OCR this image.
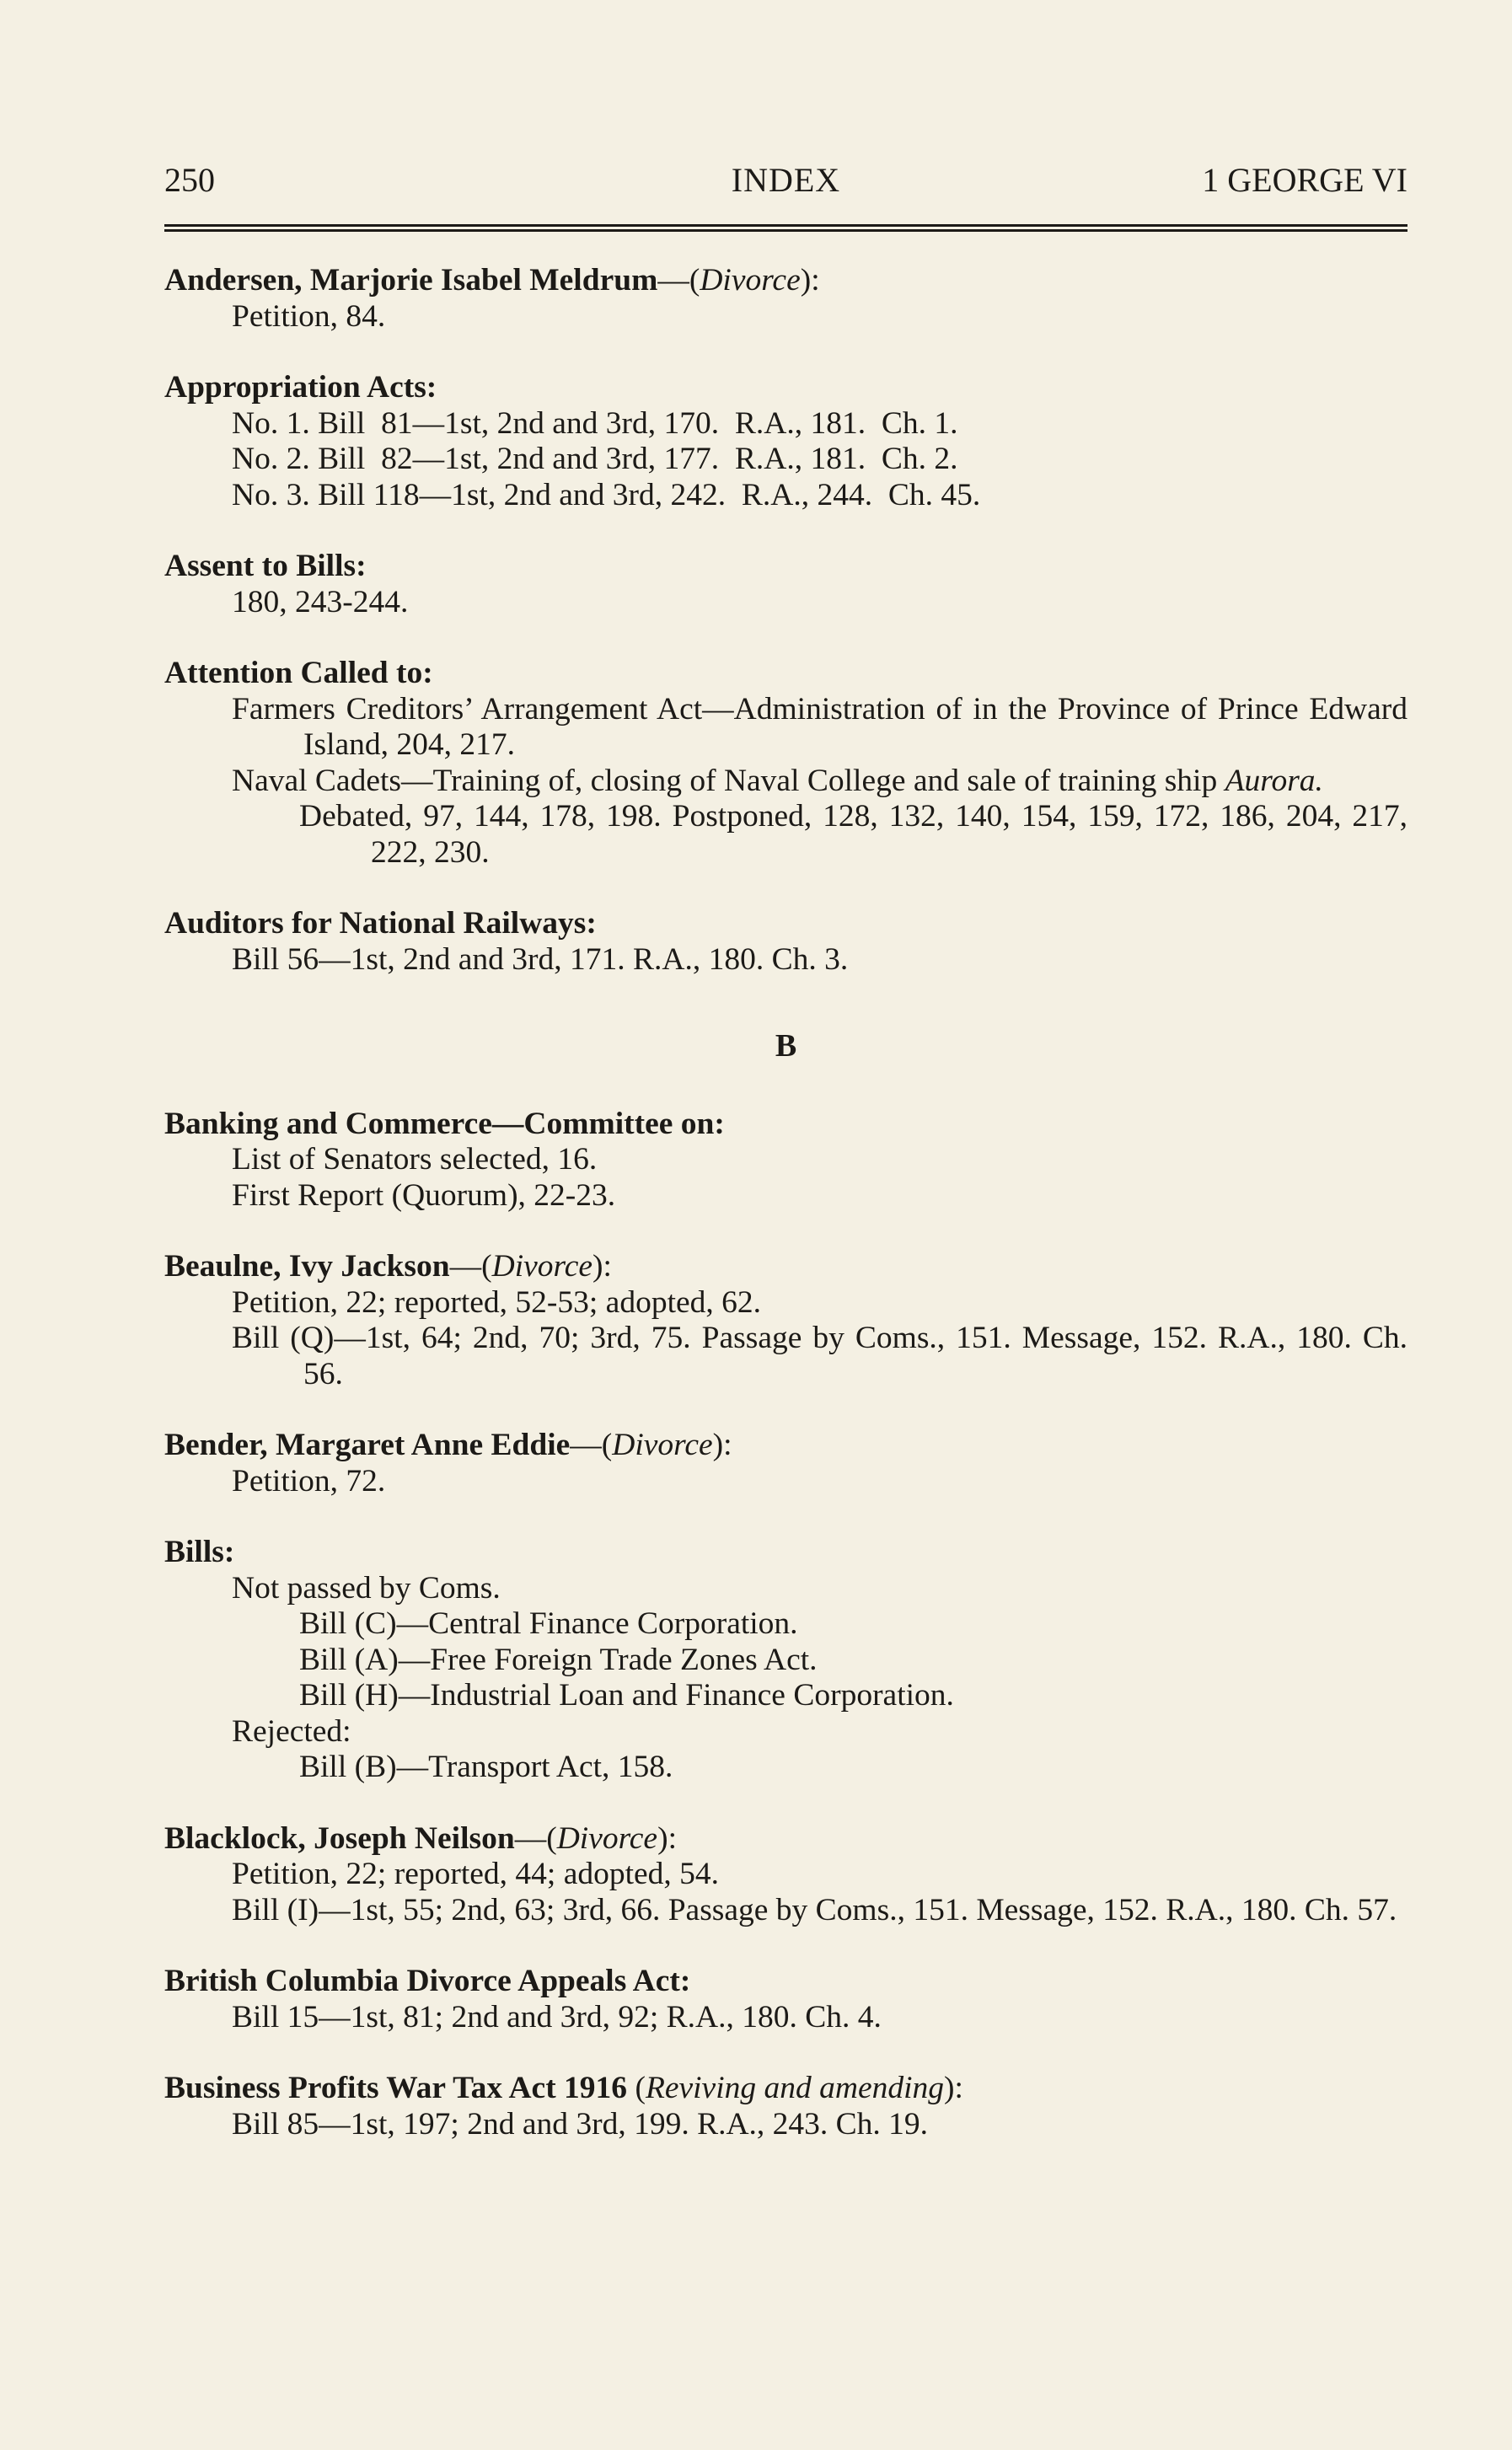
250	INDEX	1 GEORGE VI
Andersen, Marjorie Isabel Meldrum—(Divorce):
Petition, 84.
Appropriation Acts:
No. 1. Bill  81—1st, 2nd and 3rd, 170.  R.A., 181.  Ch. 1.
No. 2. Bill  82—1st, 2nd and 3rd, 177.  R.A., 181.  Ch. 2.
No. 3. Bill 118—1st, 2nd and 3rd, 242.  R.A., 244.  Ch. 45.
Assent to Bills:
180, 243-244.
Attention Called to:
Farmers Creditors’ Arrangement Act—Administration of in the Province of Prince Edward Island, 204, 217.
Naval Cadets—Training of, closing of Naval College and sale of training ship Aurora.
Debated, 97, 144, 178, 198. Postponed, 128, 132, 140, 154, 159, 172, 186, 204, 217, 222, 230.
Auditors for National Railways:
Bill 56—1st, 2nd and 3rd, 171. R.A., 180. Ch. 3.
B
Banking and Commerce—Committee on:
List of Senators selected, 16.
First Report (Quorum), 22-23.
Beaulne, Ivy Jackson—(Divorce):
Petition, 22; reported, 52-53; adopted, 62.
Bill (Q)—1st, 64; 2nd, 70; 3rd, 75. Passage by Coms., 151. Message, 152. R.A., 180. Ch. 56.
Bender, Margaret Anne Eddie—(Divorce):
Petition, 72.
Bills:
Not passed by Coms.
Bill (C)—Central Finance Corporation.
Bill (A)—Free Foreign Trade Zones Act.
Bill (H)—Industrial Loan and Finance Corporation.
Rejected:
Bill (B)—Transport Act, 158.
Blacklock, Joseph Neilson—(Divorce):
Petition, 22; reported, 44; adopted, 54.
Bill (I)—1st, 55; 2nd, 63; 3rd, 66. Passage by Coms., 151. Message, 152. R.A., 180. Ch. 57.
British Columbia Divorce Appeals Act:
Bill 15—1st, 81; 2nd and 3rd, 92; R.A., 180. Ch. 4.
Business Profits War Tax Act 1916 (Reviving and amending):
Bill 85—1st, 197; 2nd and 3rd, 199. R.A., 243. Ch. 19.
